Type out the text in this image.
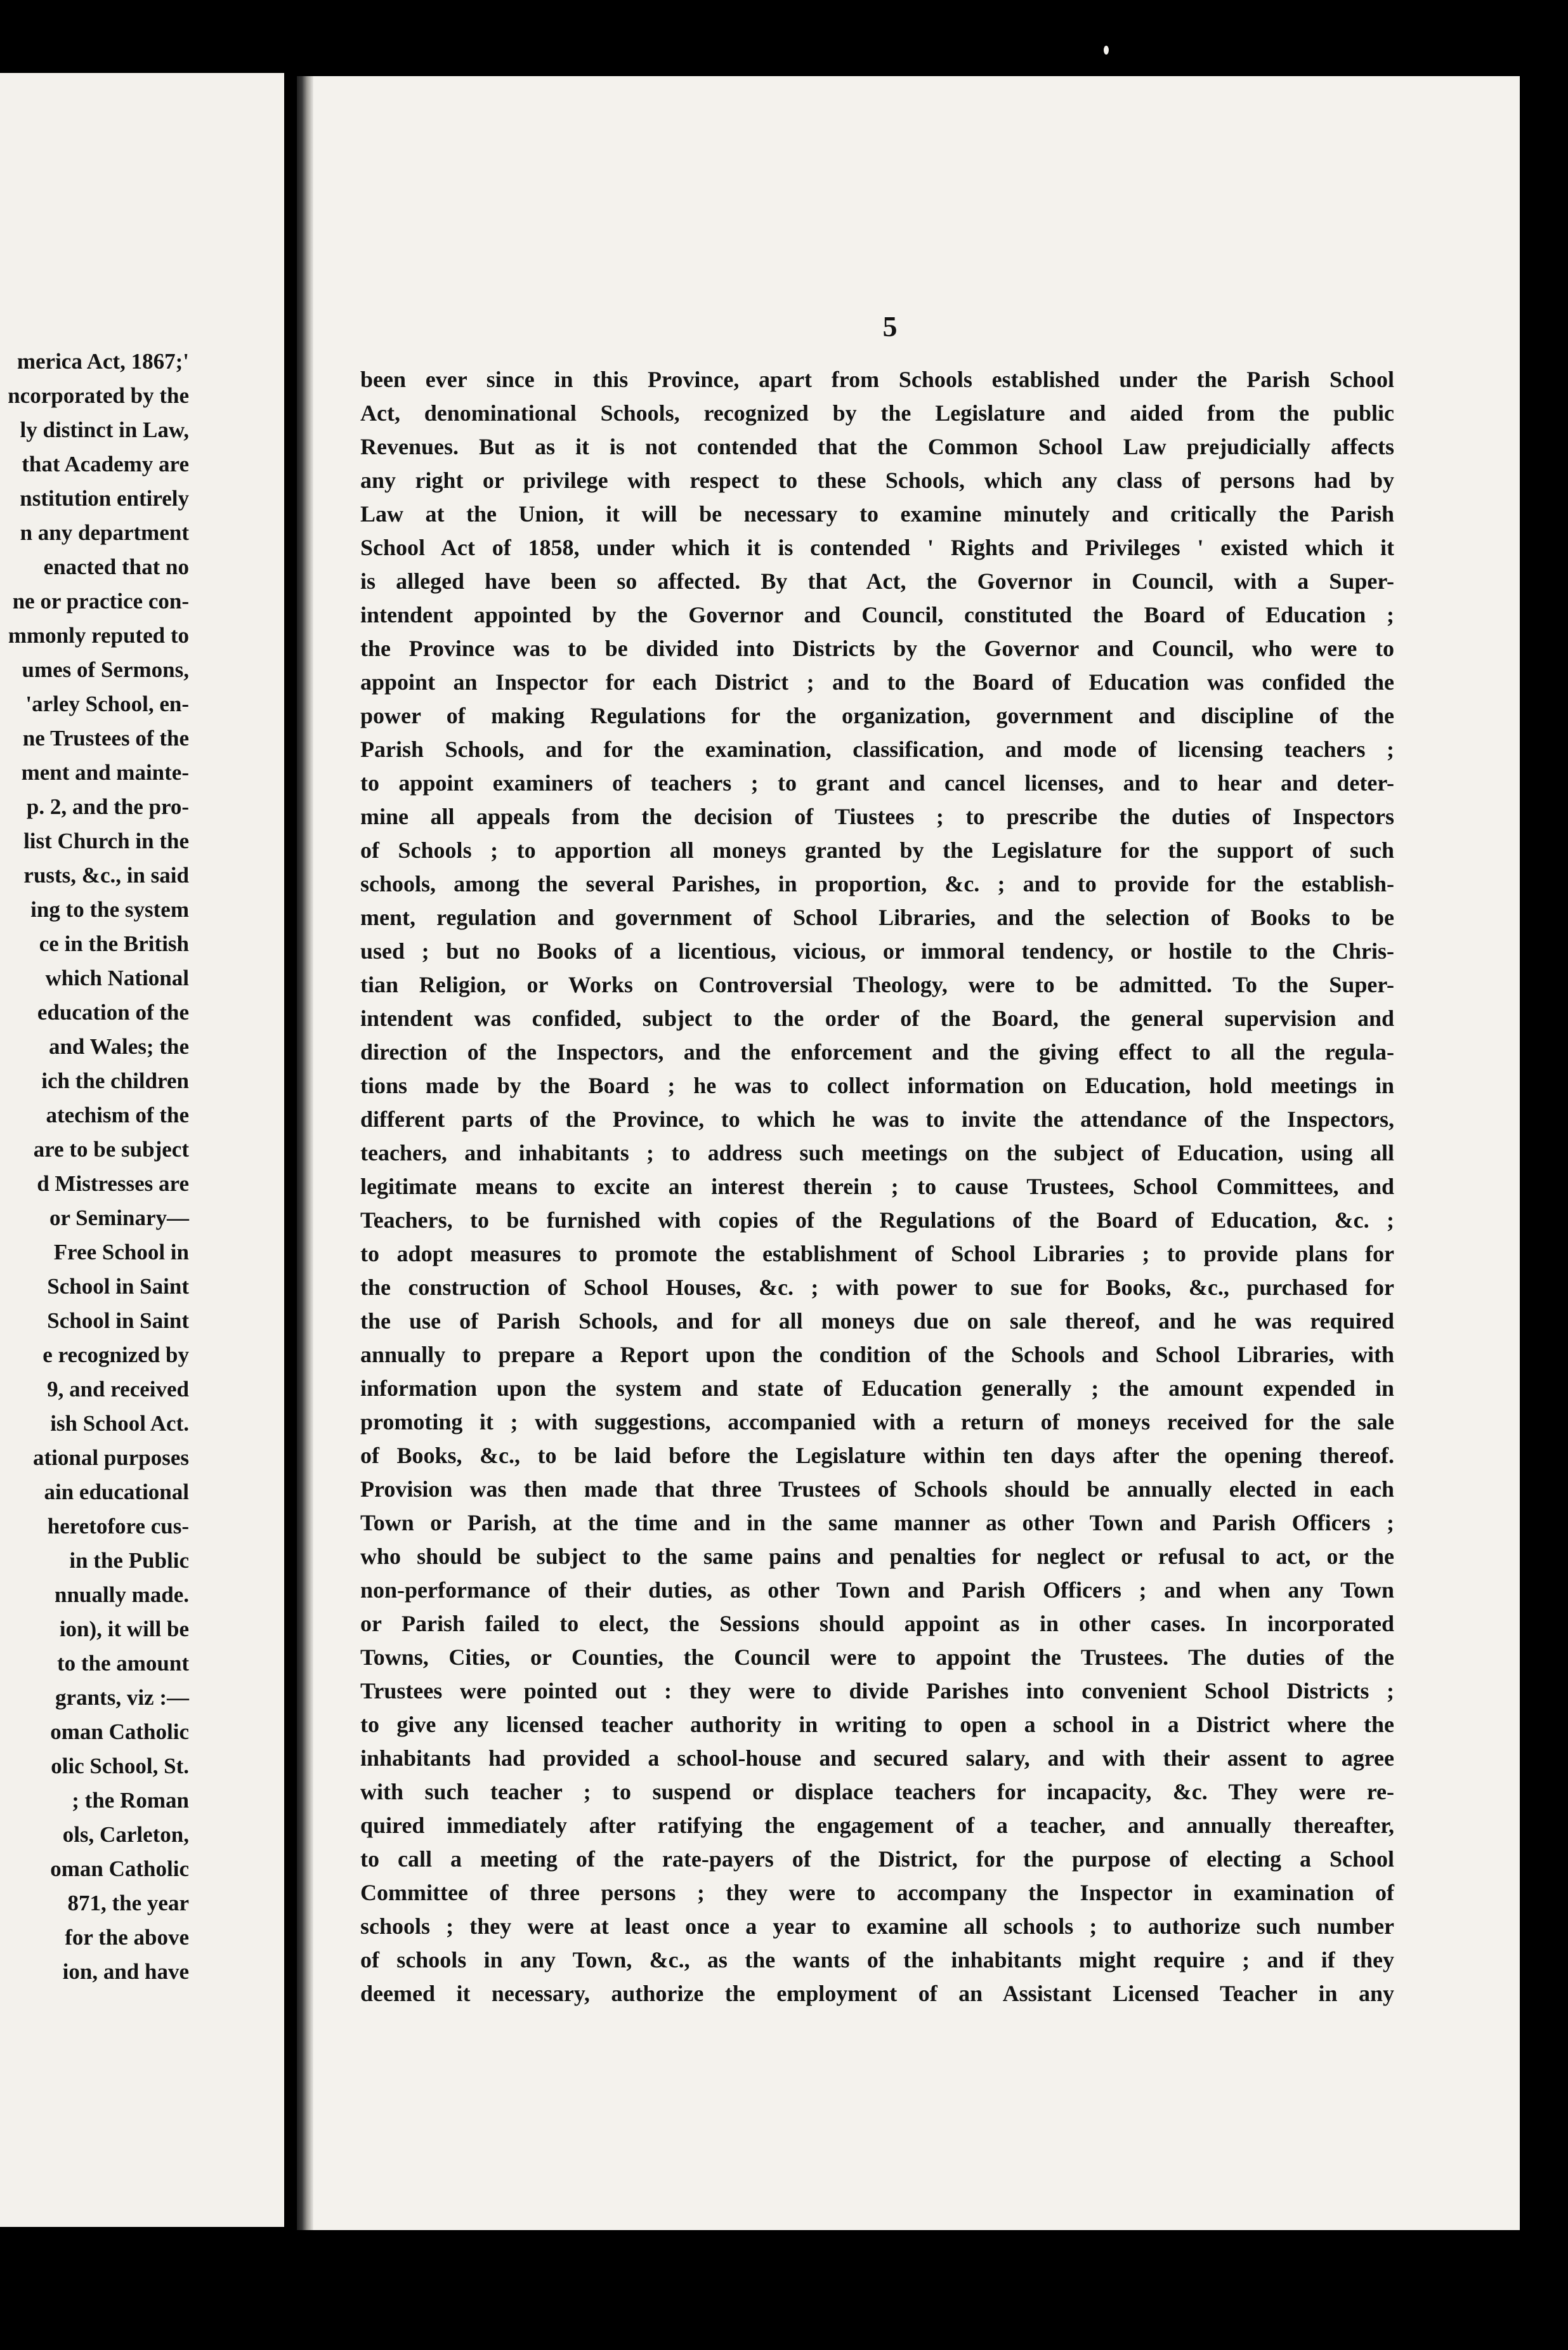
merica Act, 1867;'
ncorporated by the
ly distinct in Law,
that Academy are
nstitution entirely
n any department
enacted that no
ne or practice con-
mmonly reputed to
umes of Sermons,
'arley School, en-
ne Trustees of the
ment and mainte-
p. 2, and the pro-
list Church in the
rusts, &c., in said
ing to the system
ce in the British
which National
education of the
and Wales; the
ich the children
atechism of the
are to be subject
d Mistresses are
or Seminary—
Free School in
School in Saint
School in Saint
e recognized by
9, and received
ish School Act.
ational purposes
ain educational
heretofore cus-
in the Public
nnually made.
ion), it will be
to the amount
grants, viz :—
oman Catholic
olic School, St.
; the Roman
ols, Carleton,
oman Catholic
871, the year
for the above
ion, and have
5
been ever since in this Province, apart from Schools established under the Parish School
Act, denominational Schools, recognized by the Legislature and aided from the public
Revenues. But as it is not contended that the Common School Law prejudicially affects
any right or privilege with respect to these Schools, which any class of persons had by
Law at the Union, it will be necessary to examine minutely and critically the Parish
School Act of 1858, under which it is contended ' Rights and Privileges ' existed which it
is alleged have been so affected. By that Act, the Governor in Council, with a Super-
intendent appointed by the Governor and Council, constituted the Board of Education ;
the Province was to be divided into Districts by the Governor and Council, who were to
appoint an Inspector for each District ; and to the Board of Education was confided the
power of making Regulations for the organization, government and discipline of the
Parish Schools, and for the examination, classification, and mode of licensing teachers ;
to appoint examiners of teachers ; to grant and cancel licenses, and to hear and deter-
mine all appeals from the decision of Tiustees ; to prescribe the duties of Inspectors
of Schools ; to apportion all moneys granted by the Legislature for the support of such
schools, among the several Parishes, in proportion, &c. ; and to provide for the establish-
ment, regulation and government of School Libraries, and the selection of Books to be
used ; but no Books of a licentious, vicious, or immoral tendency, or hostile to the Chris-
tian Religion, or Works on Controversial Theology, were to be admitted. To the Super-
intendent was confided, subject to the order of the Board, the general supervision and
direction of the Inspectors, and the enforcement and the giving effect to all the regula-
tions made by the Board ; he was to collect information on Education, hold meetings in
different parts of the Province, to which he was to invite the attendance of the Inspectors,
teachers, and inhabitants ; to address such meetings on the subject of Education, using all
legitimate means to excite an interest therein ; to cause Trustees, School Committees, and
Teachers, to be furnished with copies of the Regulations of the Board of Education, &c. ;
to adopt measures to promote the establishment of School Libraries ; to provide plans for
the construction of School Houses, &c. ; with power to sue for Books, &c., purchased for
the use of Parish Schools, and for all moneys due on sale thereof, and he was required
annually to prepare a Report upon the condition of the Schools and School Libraries, with
information upon the system and state of Education generally ; the amount expended in
promoting it ; with suggestions, accompanied with a return of moneys received for the sale
of Books, &c., to be laid before the Legislature within ten days after the opening thereof.
Provision was then made that three Trustees of Schools should be annually elected in each
Town or Parish, at the time and in the same manner as other Town and Parish Officers ;
who should be subject to the same pains and penalties for neglect or refusal to act, or the
non-performance of their duties, as other Town and Parish Officers ; and when any Town
or Parish failed to elect, the Sessions should appoint as in other cases. In incorporated
Towns, Cities, or Counties, the Council were to appoint the Trustees. The duties of the
Trustees were pointed out : they were to divide Parishes into convenient School Districts ;
to give any licensed teacher authority in writing to open a school in a District where the
inhabitants had provided a school-house and secured salary, and with their assent to agree
with such teacher ; to suspend or displace teachers for incapacity, &c. They were re-
quired immediately after ratifying the engagement of a teacher, and annually thereafter,
to call a meeting of the rate-payers of the District, for the purpose of electing a School
Committee of three persons ; they were to accompany the Inspector in examination of
schools ; they were at least once a year to examine all schools ; to authorize such number
of schools in any Town, &c., as the wants of the inhabitants might require ; and if they
deemed it necessary, authorize the employment of an Assistant Licensed Teacher in any
